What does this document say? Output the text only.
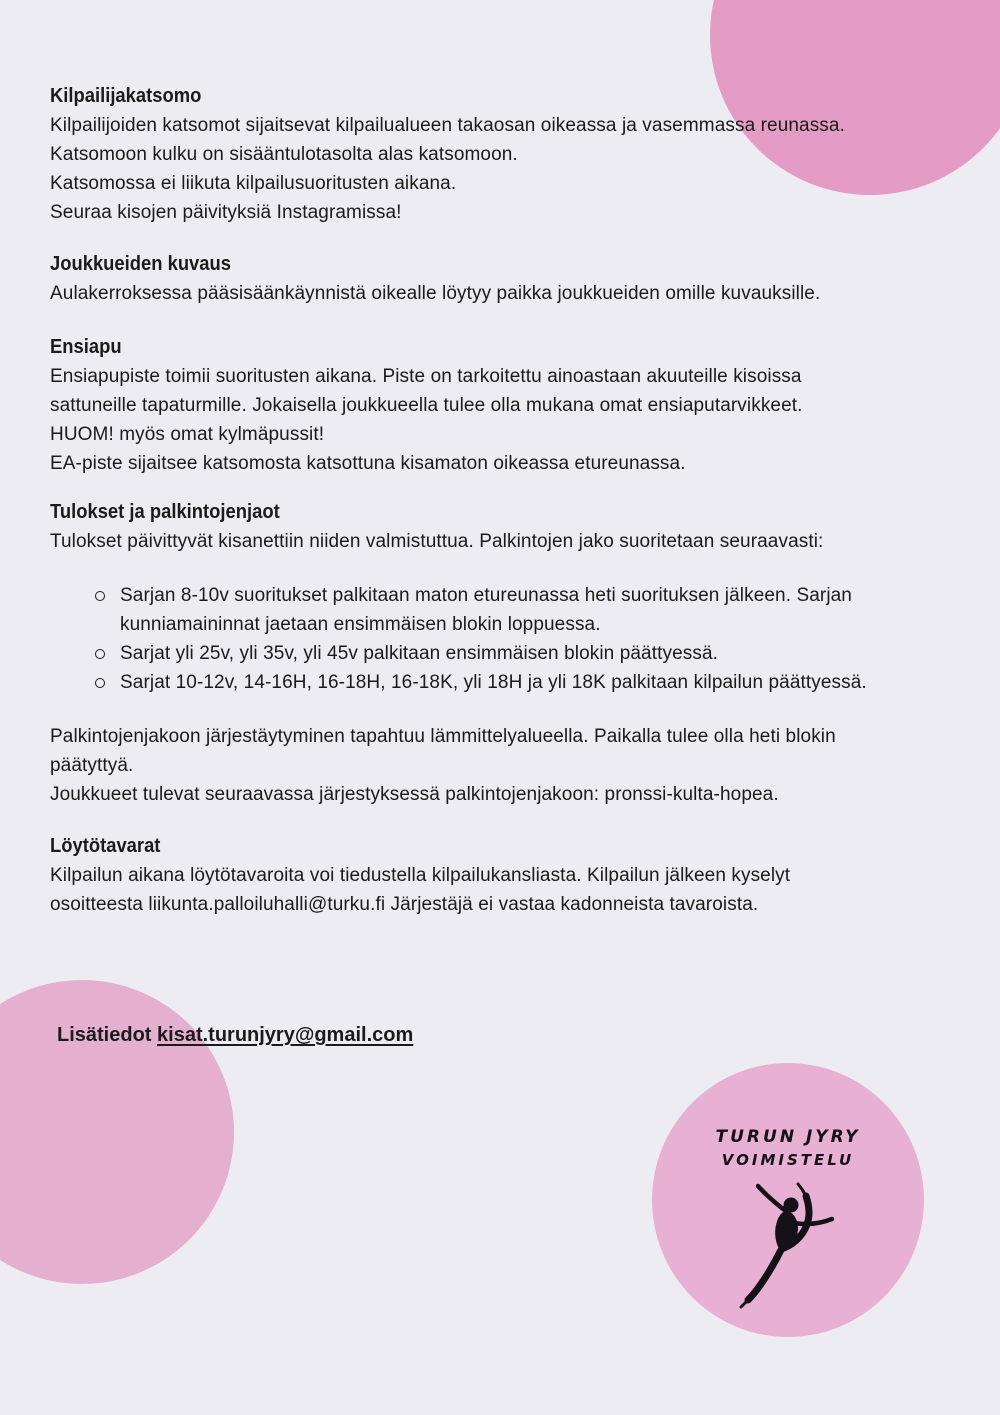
Kilpailijakatsomo
Kilpailijoiden katsomot sijaitsevat kilpailualueen takaosan oikeassa ja vasemmassa reunassa.
Katsomoon kulku on sisääntulotasolta alas katsomoon.
Katsomossa ei liikuta kilpailusuoritusten aikana.
Seuraa kisojen päivityksiä Instagramissa!
Joukkueiden kuvaus
Aulakerroksessa pääsisäänkäynnistä oikealle löytyy paikka joukkueiden omille kuvauksille.
Ensiapu
Ensiapupiste toimii suoritusten aikana. Piste on tarkoitettu ainoastaan akuuteille kisoissa
sattuneille tapaturmille. Jokaisella joukkueella tulee olla mukana omat ensiaputarvikkeet.
HUOM! myös omat kylmäpussit!
EA-piste sijaitsee katsomosta katsottuna kisamaton oikeassa etureunassa.
Tulokset ja palkintojenjaot
Tulokset päivittyvät kisanettiin niiden valmistuttua. Palkintojen jako suoritetaan seuraavasti:
Sarjan 8-10v suoritukset palkitaan maton etureunassa heti suorituksen jälkeen. Sarjan
kunniamaininnat jaetaan ensimmäisen blokin loppuessa.
Sarjat yli 25v, yli 35v, yli 45v palkitaan ensimmäisen blokin päättyessä.
Sarjat 10-12v, 14-16H, 16-18H, 16-18K, yli 18H ja yli 18K palkitaan kilpailun päättyessä.
Palkintojenjakoon järjestäytyminen tapahtuu lämmittelyalueella. Paikalla tulee olla heti blokin
päätyttyä.
Joukkueet tulevat seuraavassa järjestyksessä palkintojenjakoon: pronssi-kulta-hopea.
Löytötavarat
Kilpailun aikana löytötavaroita voi tiedustella kilpailukansliasta. Kilpailun jälkeen kyselyt
osoitteesta liikunta.palloiluhalli@turku.fi Järjestäjä ei vastaa kadonneista tavaroista.
Lisätiedot kisat.turunjyry@gmail.com
TURUN JYRY
VOIMISTELU
